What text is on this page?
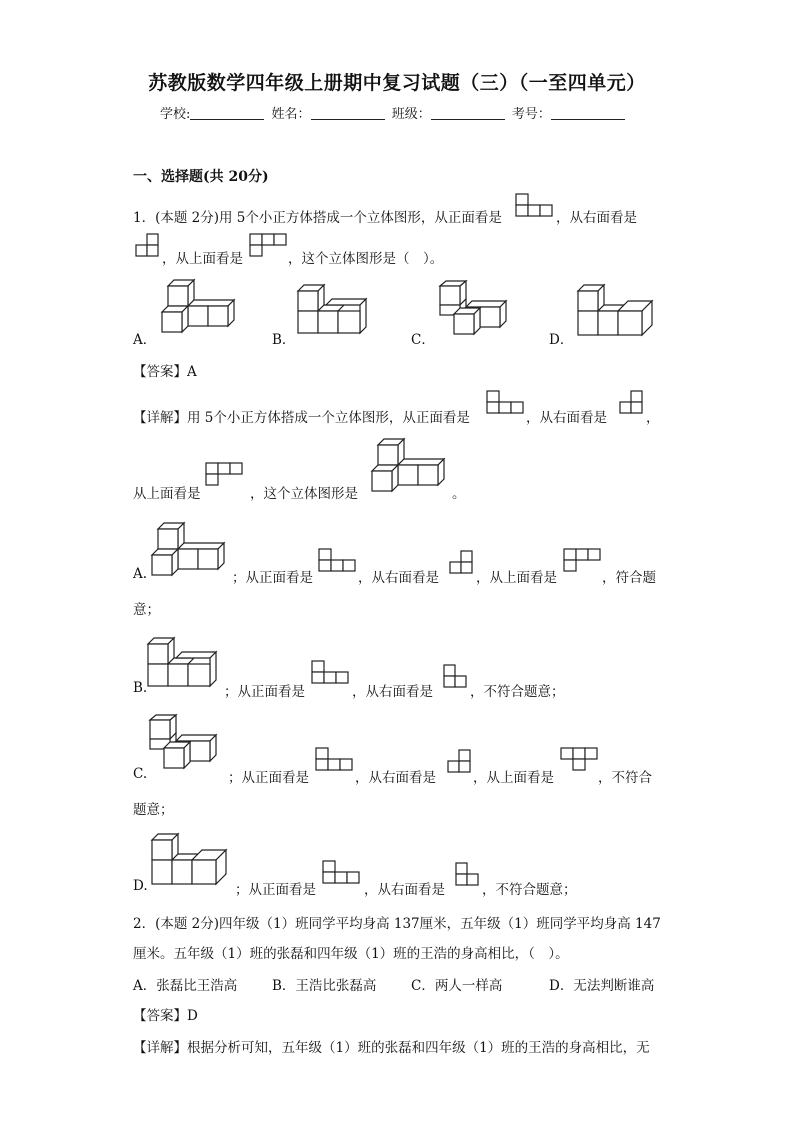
苏教版数学四年级上册期中复习试题（三）（一至四单元）
学校:	姓名：	班级：	考号：
一、选择题(共 20分)
1．(本题 2分)用 5个小正方体搭成一个立体图形，从正面看是	，从右面看是
，从上面看是	，这个立体图形是（　）。
A．	B．	C．	D．
【答案】A
【详解】用 5个小正方体搭成一个立体图形，从正面看是	，从右面看是	，
从上面看是	，这个立体图形是	。
A.	；从正面看是	，从右面看是	，从上面看是	，符合题
意；
B.	；从正面看是	，从右面看是	，不符合题意；
C.	；从正面看是	，从右面看是	，从上面看是	，不符合
题意；
D.	；从正面看是	，从右面看是	，不符合题意；
2．(本题 2分)四年级（1）班同学平均身高 137厘米，五年级（1）班同学平均身高 147
厘米。五年级（1）班的张磊和四年级（1）班的王浩的身高相比，（　）。
A．张磊比王浩高	B．王浩比张磊高	C．两人一样高	D．无法判断谁高
【答案】D
【详解】根据分析可知，五年级（1）班的张磊和四年级（1）班的王浩的身高相比，无
